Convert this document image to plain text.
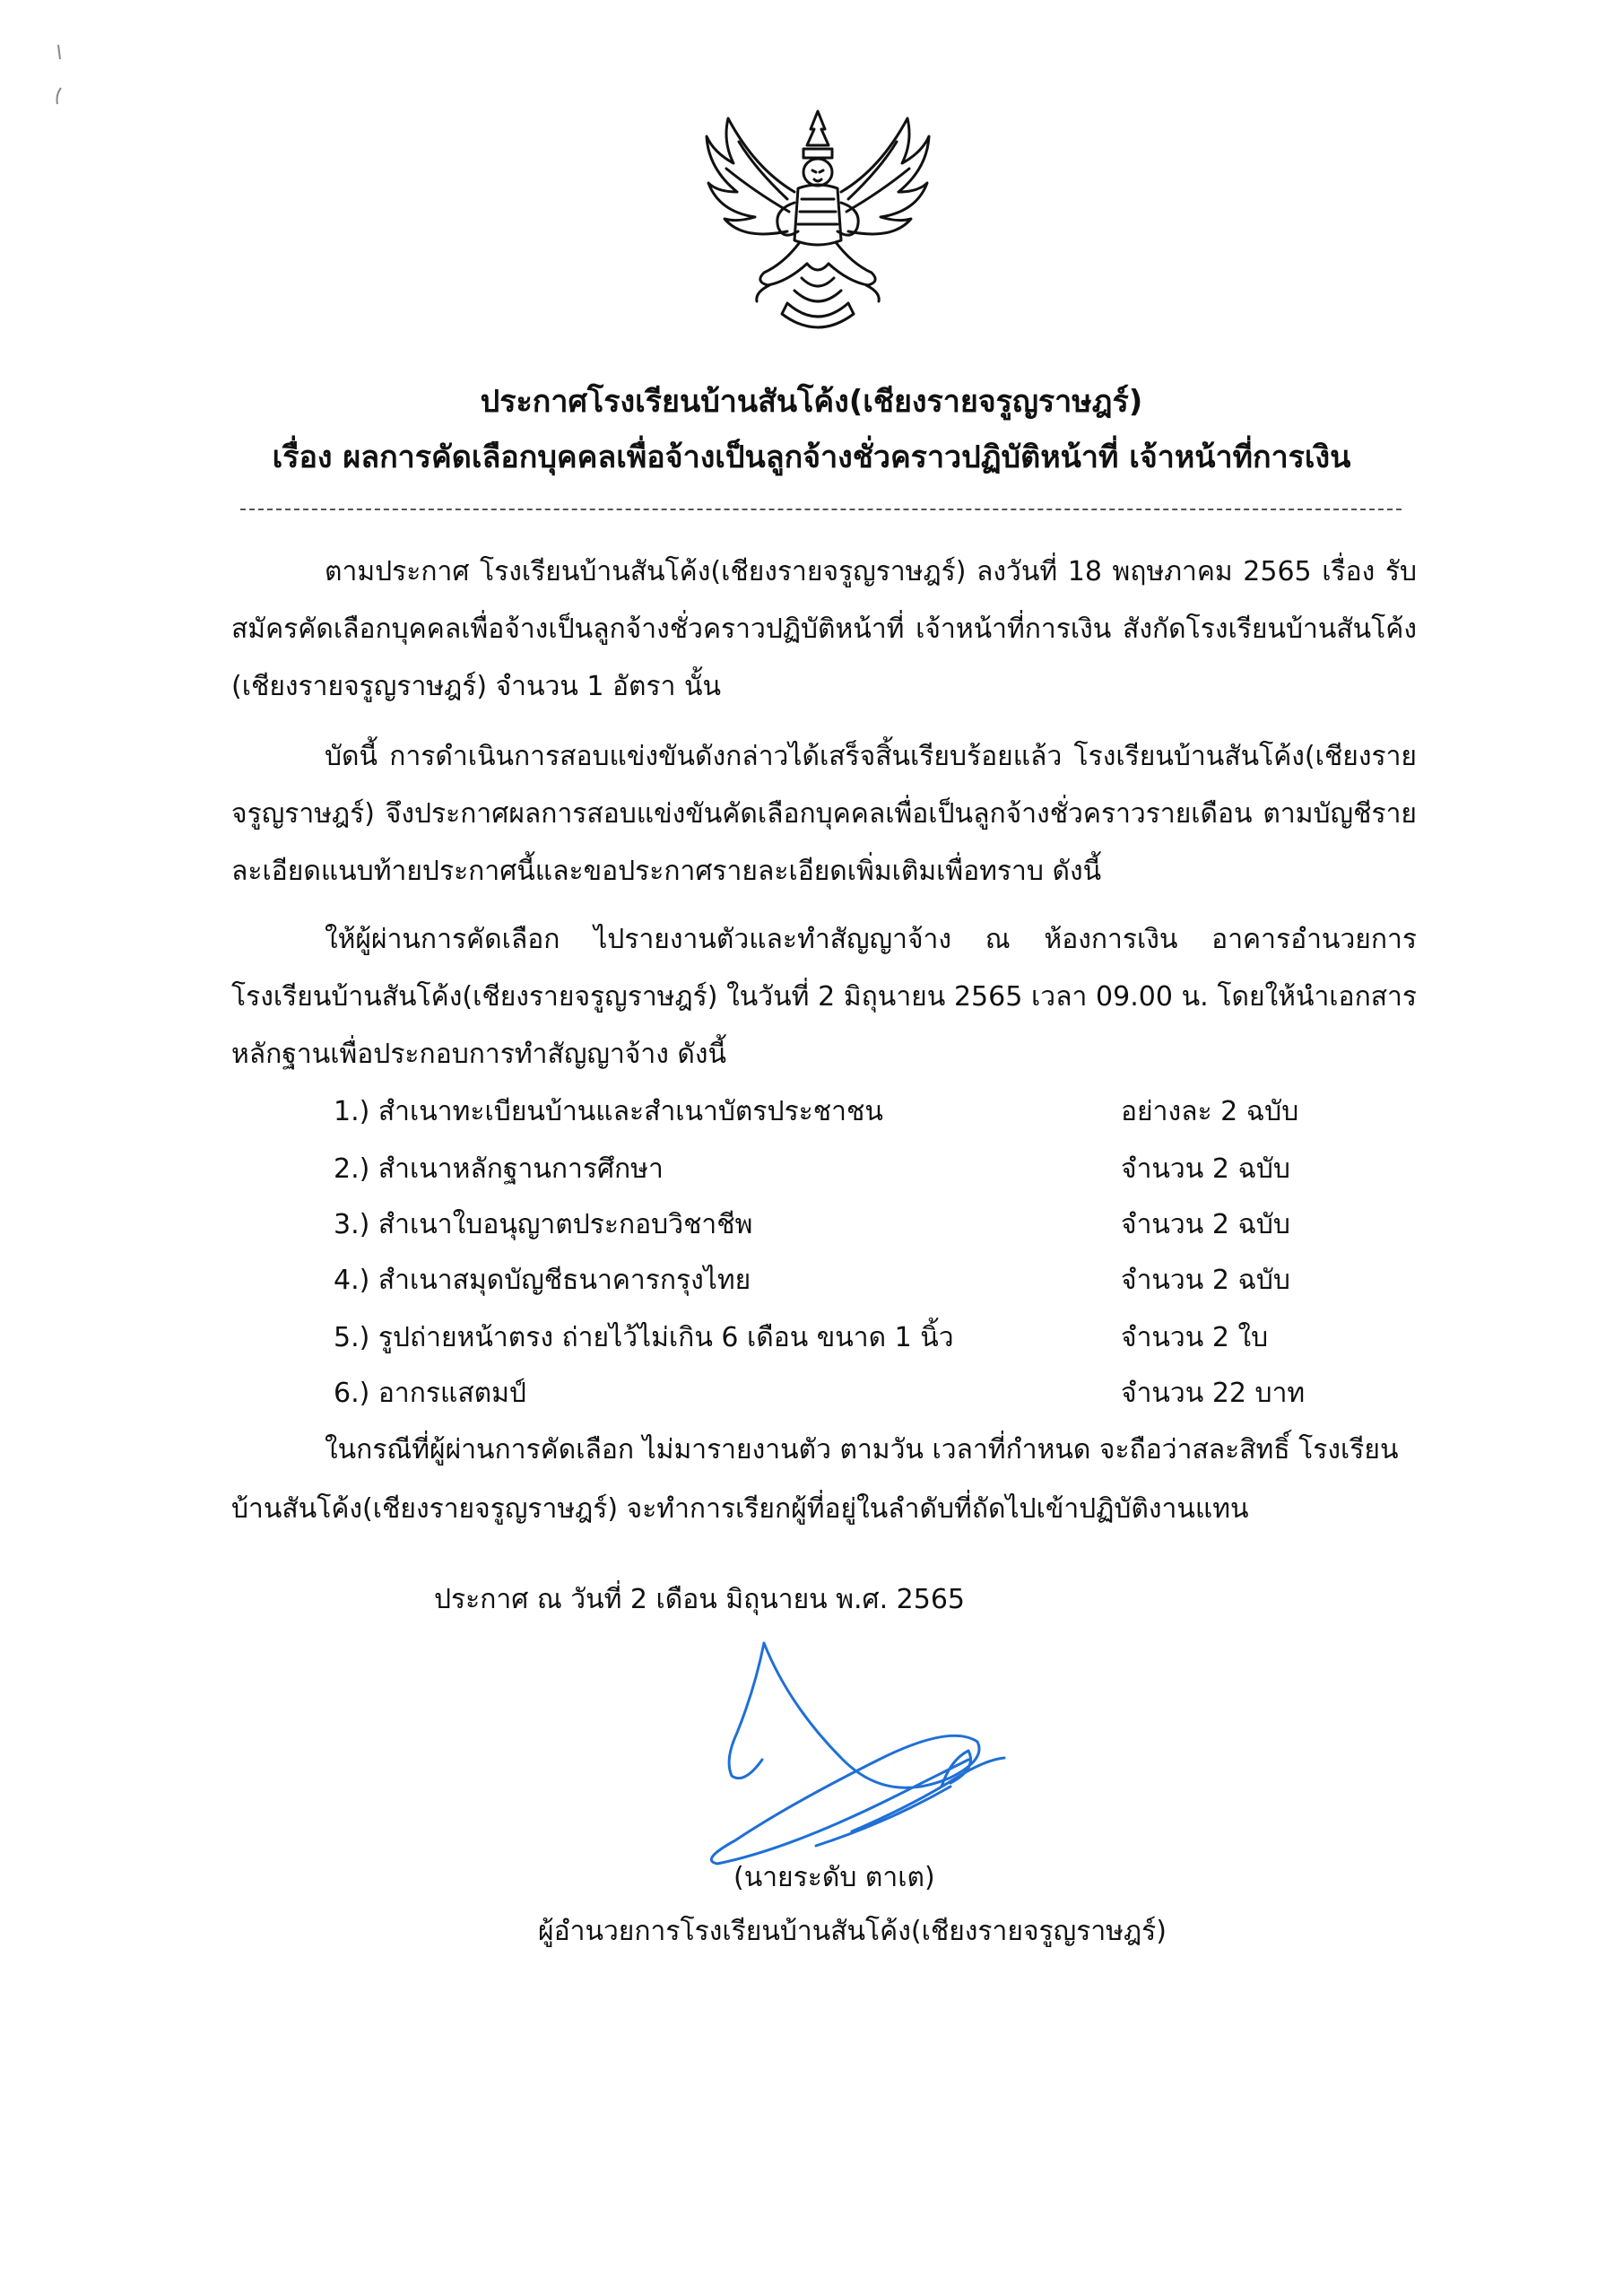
ประกาศโรงเรียนบ้านสันโค้ง(เชียงรายจรูญราษฎร์)
เรื่อง ผลการคัดเลือกบุคคลเพื่อจ้างเป็นลูกจ้างชั่วคราวปฏิบัติหน้าที่ เจ้าหน้าที่การเงิน
ตามประกาศ โรงเรียนบ้านสันโค้ง(เชียงรายจรูญราษฎร์) ลงวันที่ 18 พฤษภาคม 2565 เรื่อง รับสมัครคัดเลือกบุคคลเพื่อจ้างเป็นลูกจ้างชั่วคราวปฏิบัติหน้าที่ เจ้าหน้าที่การเงิน สังกัดโรงเรียนบ้านสันโค้ง (เชียงรายจรูญราษฎร์) จำนวน 1 อัตรา นั้น
บัดนี้ การดำเนินการสอบแข่งขันดังกล่าวได้เสร็จสิ้นเรียบร้อยแล้ว โรงเรียนบ้านสันโค้ง(เชียงรายจรูญราษฎร์) จึงประกาศผลการสอบแข่งขันคัดเลือกบุคคลเพื่อเป็นลูกจ้างชั่วคราวรายเดือน ตามบัญชีรายละเอียดแนบท้ายประกาศนี้และขอประกาศรายละเอียดเพิ่มเติมเพื่อทราบ ดังนี้
ให้ผู้ผ่านการคัดเลือก ไปรายงานตัวและทำสัญญาจ้าง ณ ห้องการเงิน อาคารอำนวยการ โรงเรียนบ้านสันโค้ง(เชียงรายจรูญราษฎร์) ในวันที่ 2 มิถุนายน 2565 เวลา 09.00 น. โดยให้นำเอกสารหลักฐานเพื่อประกอบการทำสัญญาจ้าง ดังนี้
1.) สำเนาทะเบียนบ้านและสำเนาบัตรประชาชน	อย่างละ 2 ฉบับ
2.) สำเนาหลักฐานการศึกษา	จำนวน 2 ฉบับ
3.) สำเนาใบอนุญาตประกอบวิชาชีพ	จำนวน 2 ฉบับ
4.) สำเนาสมุดบัญชีธนาคารกรุงไทย	จำนวน 2 ฉบับ
5.) รูปถ่ายหน้าตรง ถ่ายไว้ไม่เกิน 6 เดือน ขนาด 1 นิ้ว	จำนวน 2 ใบ
6.) อากรแสตมป์	จำนวน 22 บาท
ในกรณีที่ผู้ผ่านการคัดเลือก ไม่มารายงานตัว ตามวัน เวลาที่กำหนด จะถือว่าสละสิทธิ์ โรงเรียนบ้านสันโค้ง(เชียงรายจรูญราษฎร์) จะทำการเรียกผู้ที่อยู่ในลำดับที่ถัดไปเข้าปฏิบัติงานแทน
ประกาศ ณ วันที่ 2 เดือน มิถุนายน พ.ศ. 2565
(นายระดับ ตาเต)
ผู้อำนวยการโรงเรียนบ้านสันโค้ง(เชียงรายจรูญราษฎร์)
